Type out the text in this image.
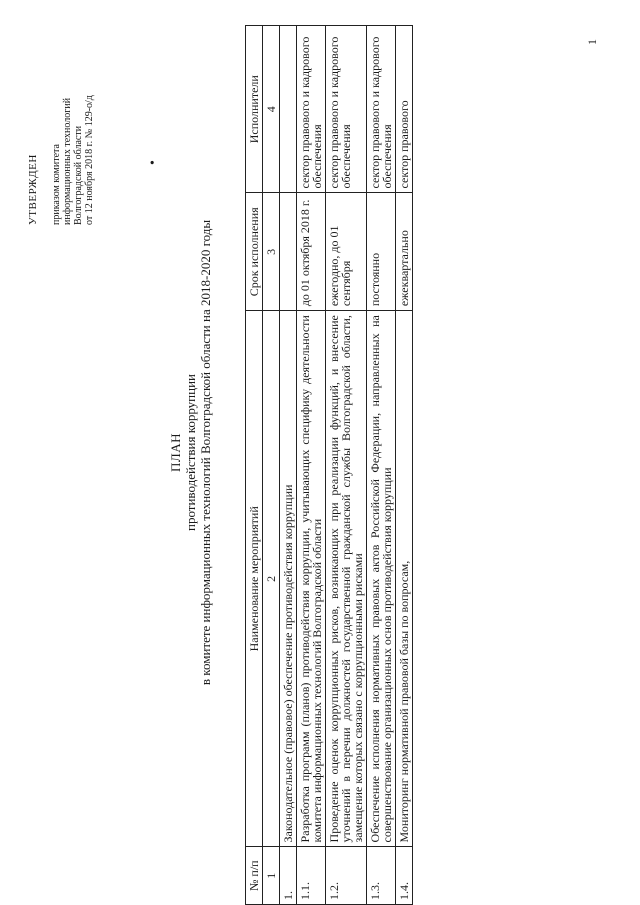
1
УТВЕРЖДЕН приказом комитета информационных технологий Волгоградской области от 12 ноября 2018 г. № 129-о/д	•
ПЛАН противодействия коррупции в комитете информационных технологий Волгоградской области на 2018-2020 годы
№ п/п	Наименование мероприятий	Срок исполнения	Исполнители
1	2	3	4
1.	Законодательное (правовое) обеспечение противодействия коррупции		
1.1.	Разработка программ (планов) противодействия коррупции, учитывающих специфику деятельности комитета информационных технологий Волгоградской области	до 01 октября 2018 г.	сектор правового и кадрового обеспечения
1.2.	Проведение оценок коррупционных рисков, возникающих при реализации функций, и внесение уточнений в перечни должностей государственной гражданской службы Волгоградской области, замещение которых связано с коррупционными рисками	ежегодно, до 01 сентября	сектор правового и кадрового обеспечения
1.3.	Обеспечение исполнения нормативных правовых актов Российской Федерации, направленных на совершенствование организационных основ противодействия коррупции	постоянно	сектор правового и кадрового обеспечения
1.4.	Мониторинг нормативной правовой базы по вопросам,	ежеквартально	сектор правового
